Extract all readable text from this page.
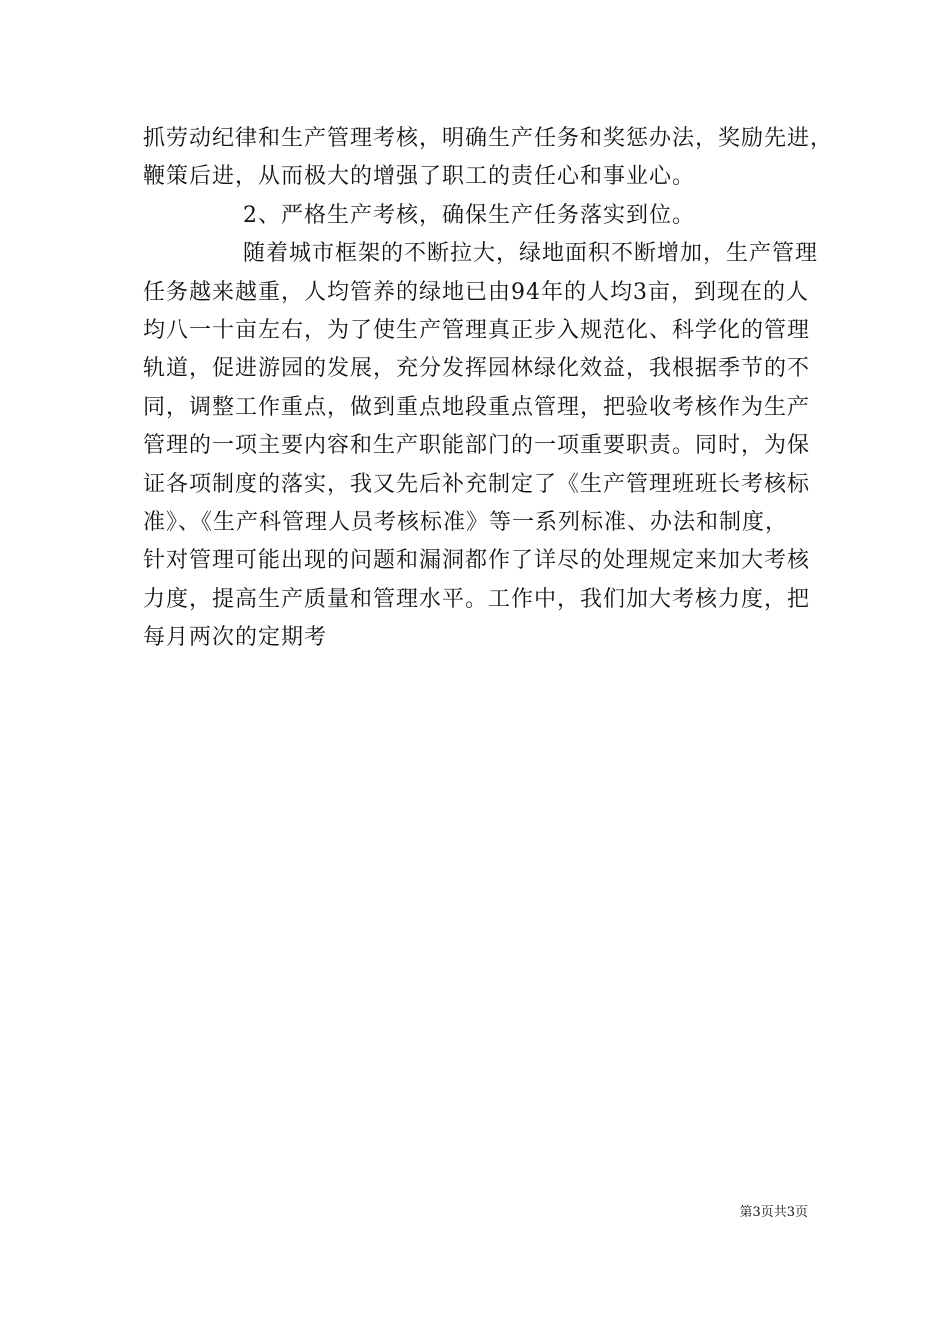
抓劳动纪律和生产管理考核，明确生产任务和奖惩办法，奖励先进，
鞭策后进，从而极大的增强了职工的责任心和事业心。
2、严格生产考核，确保生产任务落实到位。
随着城市框架的不断拉大，绿地面积不断增加，生产管理
任务越来越重，人均管养的绿地已由94年的人均3亩，到现在的人
均八一十亩左右，为了使生产管理真正步入规范化、科学化的管理
轨道，促进游园的发展，充分发挥园林绿化效益，我根据季节的不
同，调整工作重点，做到重点地段重点管理，把验收考核作为生产
管理的一项主要内容和生产职能部门的一项重要职责。同时，为保
证各项制度的落实，我又先后补充制定了《生产管理班班长考核标
准》、《生产科管理人员考核标准》等一系列标准、办法和制度，
针对管理可能出现的问题和漏洞都作了详尽的处理规定来加大考核
力度，提高生产质量和管理水平。工作中，我们加大考核力度，把
每月两次的定期考
第3页共3页
